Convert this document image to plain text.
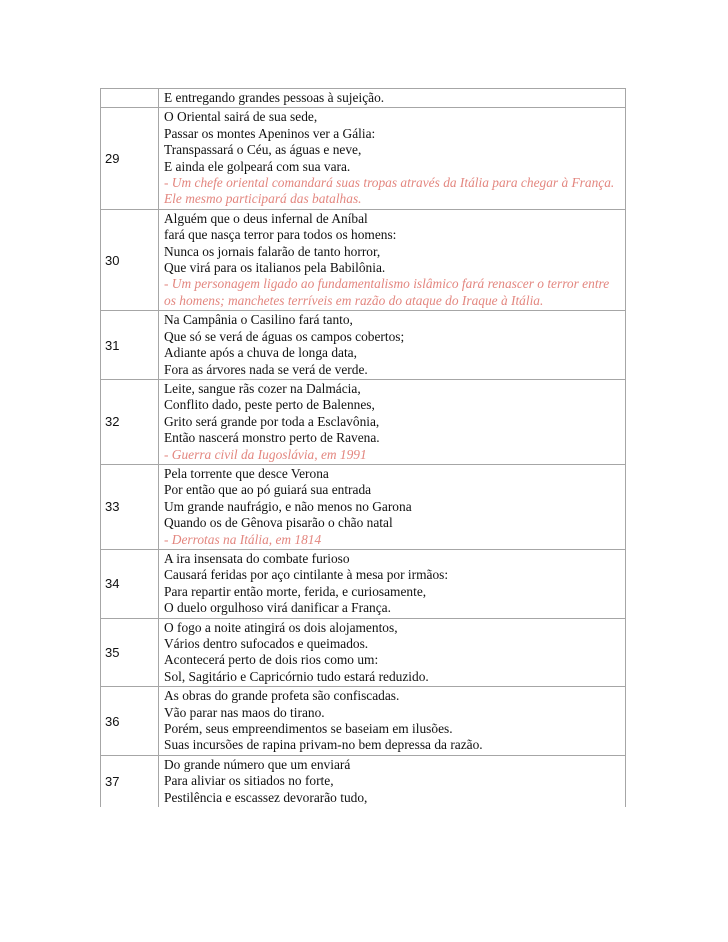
	E entregando grandes pessoas à sujeição.

29	O Oriental sairá de sua sede,
Passar os montes Apeninos ver a Gália:
Transpassará o Céu, as águas e neve,
E ainda ele golpeará com sua vara.
- Um chefe oriental comandará suas tropas através da Itália para chegar à França. Ele mesmo participará das batalhas.

30	Alguém que o deus infernal de Aníbal
fará que nasça terror para todos os homens:
Nunca os jornais falarão de tanto horror,
Que virá para os italianos pela Babilônia.
- Um personagem ligado ao fundamentalismo islâmico fará renascer o terror entre os homens; manchetes terríveis em razão do ataque do Iraque à Itália.

31	Na Campânia o Casilino fará tanto,
Que só se verá de águas os campos cobertos;
Adiante após a chuva de longa data,
Fora as árvores nada se verá de verde.

32	Leite, sangue rãs cozer na Dalmácia,
Conflito dado, peste perto de Balennes,
Grito será grande por toda a Esclavônia,
Então nascerá monstro perto de Ravena.
- Guerra civil da Iugoslávia, em 1991

33	Pela torrente que desce Verona
Por então que ao pó guiará sua entrada
Um grande naufrágio, e não menos no Garona
Quando os de Gênova pisarão o chão natal
- Derrotas na Itália, em 1814

34	A ira insensata do combate furioso
Causará feridas por aço cintilante à mesa por irmãos:
Para repartir então morte, ferida, e curiosamente,
O duelo orgulhoso virá danificar a França.

35	O fogo a noite atingirá os dois alojamentos,
Vários dentro sufocados e queimados.
Acontecerá perto de dois rios como um:
Sol, Sagitário e Capricórnio tudo estará reduzido.

36	As obras do grande profeta são confiscadas.
Vão parar nas maos do tirano.
Porém, seus empreendimentos se baseiam em ilusões.
Suas incursões de rapina privam-no bem depressa da razão.

37	Do grande número que um enviará
Para aliviar os sitiados no forte,
Pestilência e escassez devorarão tudo,
